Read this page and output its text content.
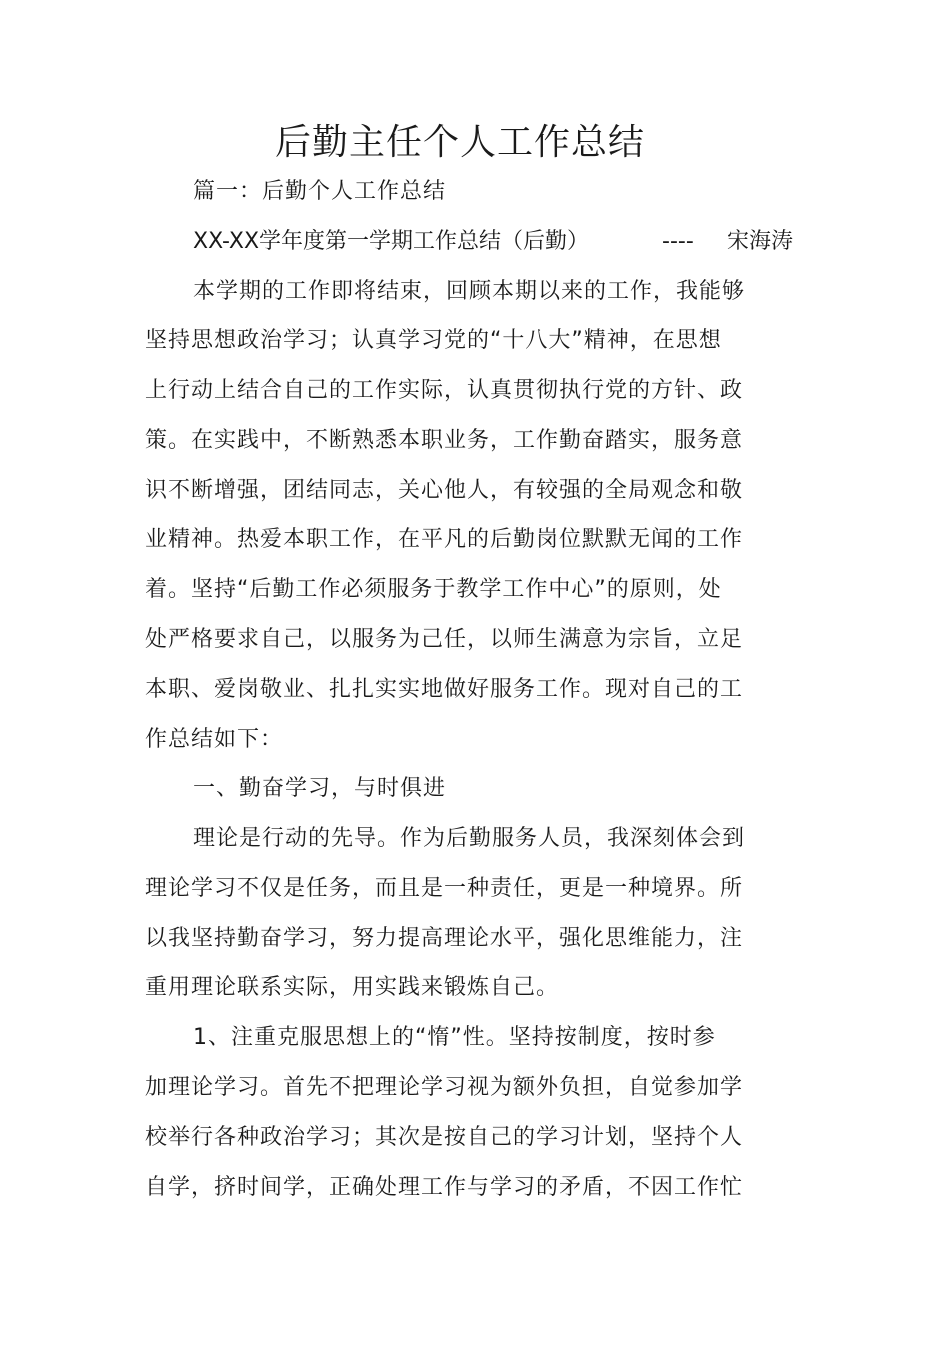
后勤主任个人工作总结
篇一：后勤个人工作总结
XX-XX学年度第一学期工作总结（后勤）	---- 宋海涛
本学期的工作即将结束，回顾本期以来的工作，我能够
坚持思想政治学习；认真学习党的“十八大”精神，在思想
上行动上结合自己的工作实际，认真贯彻执行党的方针、政
策。在实践中，不断熟悉本职业务，工作勤奋踏实，服务意
识不断增强，团结同志，关心他人，有较强的全局观念和敬
业精神。热爱本职工作，在平凡的后勤岗位默默无闻的工作
着。坚持“后勤工作必须服务于教学工作中心”的原则，处
处严格要求自己，以服务为己任，以师生满意为宗旨，立足
本职、爱岗敬业、扎扎实实地做好服务工作。现对自己的工
作总结如下：
一、勤奋学习，与时俱进
理论是行动的先导。作为后勤服务人员，我深刻体会到
理论学习不仅是任务，而且是一种责任，更是一种境界。所
以我坚持勤奋学习，努力提高理论水平，强化思维能力，注
重用理论联系实际，用实践来锻炼自己。
1、注重克服思想上的“惰”性。坚持按制度，按时参
加理论学习。首先不把理论学习视为额外负担，自觉参加学
校举行各种政治学习；其次是按自己的学习计划，坚持个人
自学，挤时间学，正确处理工作与学习的矛盾，不因工作忙
